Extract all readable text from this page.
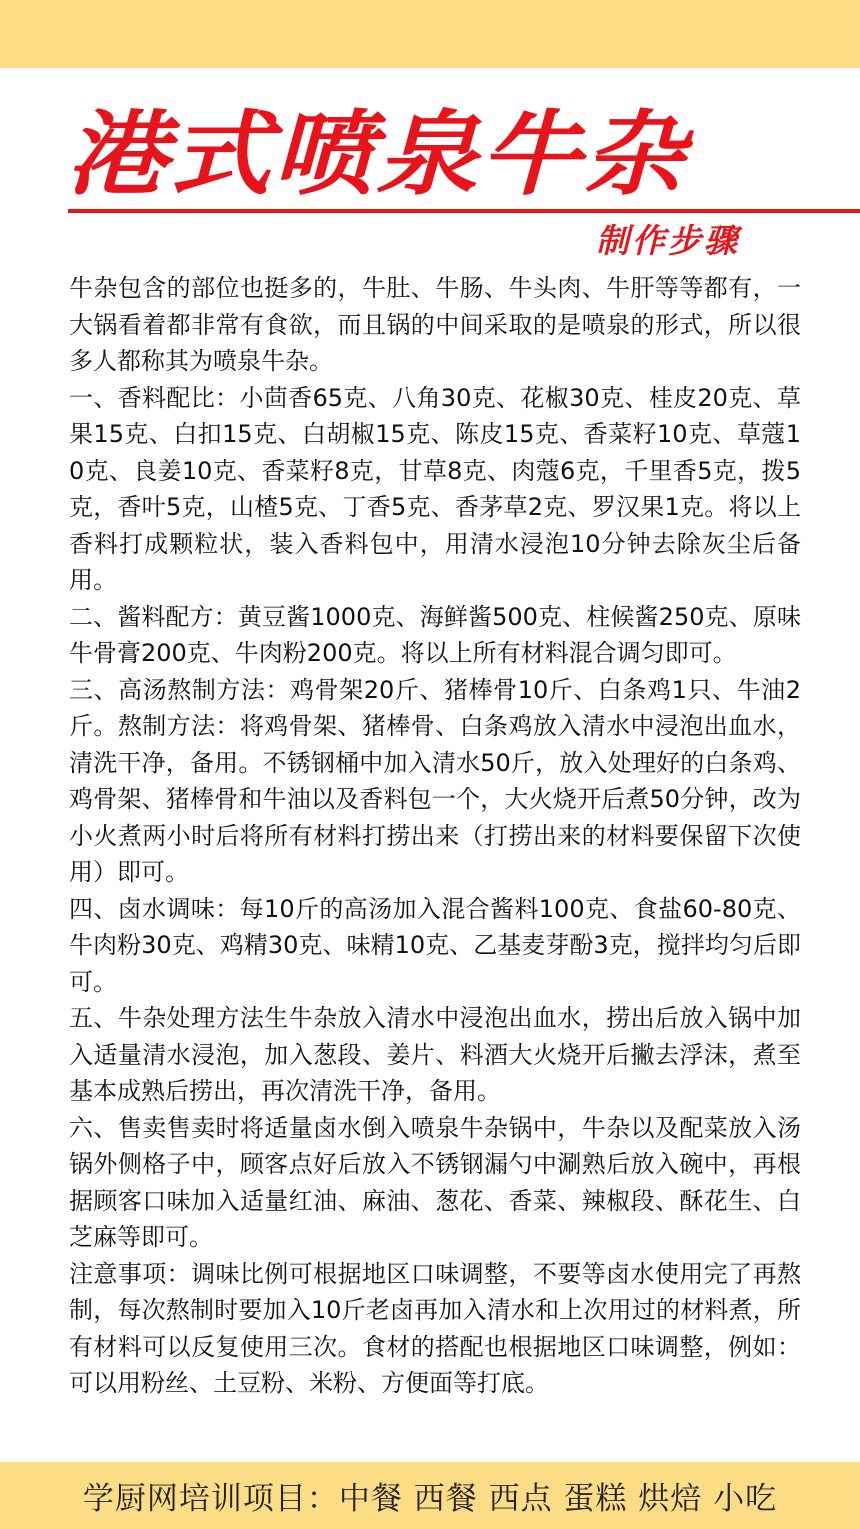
港式喷泉牛杂
制作步骤

牛杂包含的部位也挺多的，牛肚、牛肠、牛头肉、牛肝等等都有，一大锅看着都非常有食欲，而且锅的中间采取的是喷泉的形式，所以很多人都称其为喷泉牛杂。

一、香料配比：小茴香65克、八角30克、花椒30克、桂皮20克、草果15克、白扣15克、白胡椒15克、陈皮15克、香菜籽10克、草蔻10克、良姜10克、香菜籽8克，甘草8克、肉蔻6克，千里香5克，拨5克，香叶5克，山楂5克、丁香5克、香茅草2克、罗汉果1克。将以上香料打成颗粒状，装入香料包中，用清水浸泡10分钟去除灰尘后备用。

二、酱料配方：黄豆酱1000克、海鲜酱500克、柱候酱250克、原味牛骨膏200克、牛肉粉200克。将以上所有材料混合调匀即可。

三、高汤熬制方法：鸡骨架20斤、猪棒骨10斤、白条鸡1只、牛油2斤。熬制方法：将鸡骨架、猪棒骨、白条鸡放入清水中浸泡出血水，清洗干净，备用。不锈钢桶中加入清水50斤，放入处理好的白条鸡、鸡骨架、猪棒骨和牛油以及香料包一个，大火烧开后煮50分钟，改为小火煮两小时后将所有材料打捞出来（打捞出来的材料要保留下次使用）即可。

四、卤水调味：每10斤的高汤加入混合酱料100克、食盐60-80克、牛肉粉30克、鸡精30克、味精10克、乙基麦芽酚3克，搅拌均匀后即可。

五、牛杂处理方法生牛杂放入清水中浸泡出血水，捞出后放入锅中加入适量清水浸泡，加入葱段、姜片、料酒大火烧开后撇去浮沫，煮至基本成熟后捞出，再次清洗干净，备用。

六、售卖售卖时将适量卤水倒入喷泉牛杂锅中，牛杂以及配菜放入汤锅外侧格子中，顾客点好后放入不锈钢漏勺中涮熟后放入碗中，再根据顾客口味加入适量红油、麻油、葱花、香菜、辣椒段、酥花生、白芝麻等即可。

注意事项：调味比例可根据地区口味调整，不要等卤水使用完了再熬制，每次熬制时要加入10斤老卤再加入清水和上次用过的材料煮，所有材料可以反复使用三次。食材的搭配也根据地区口味调整，例如：可以用粉丝、土豆粉、米粉、方便面等打底。

学厨网培训项目：中餐 西餐 西点 蛋糕 烘焙 小吃
